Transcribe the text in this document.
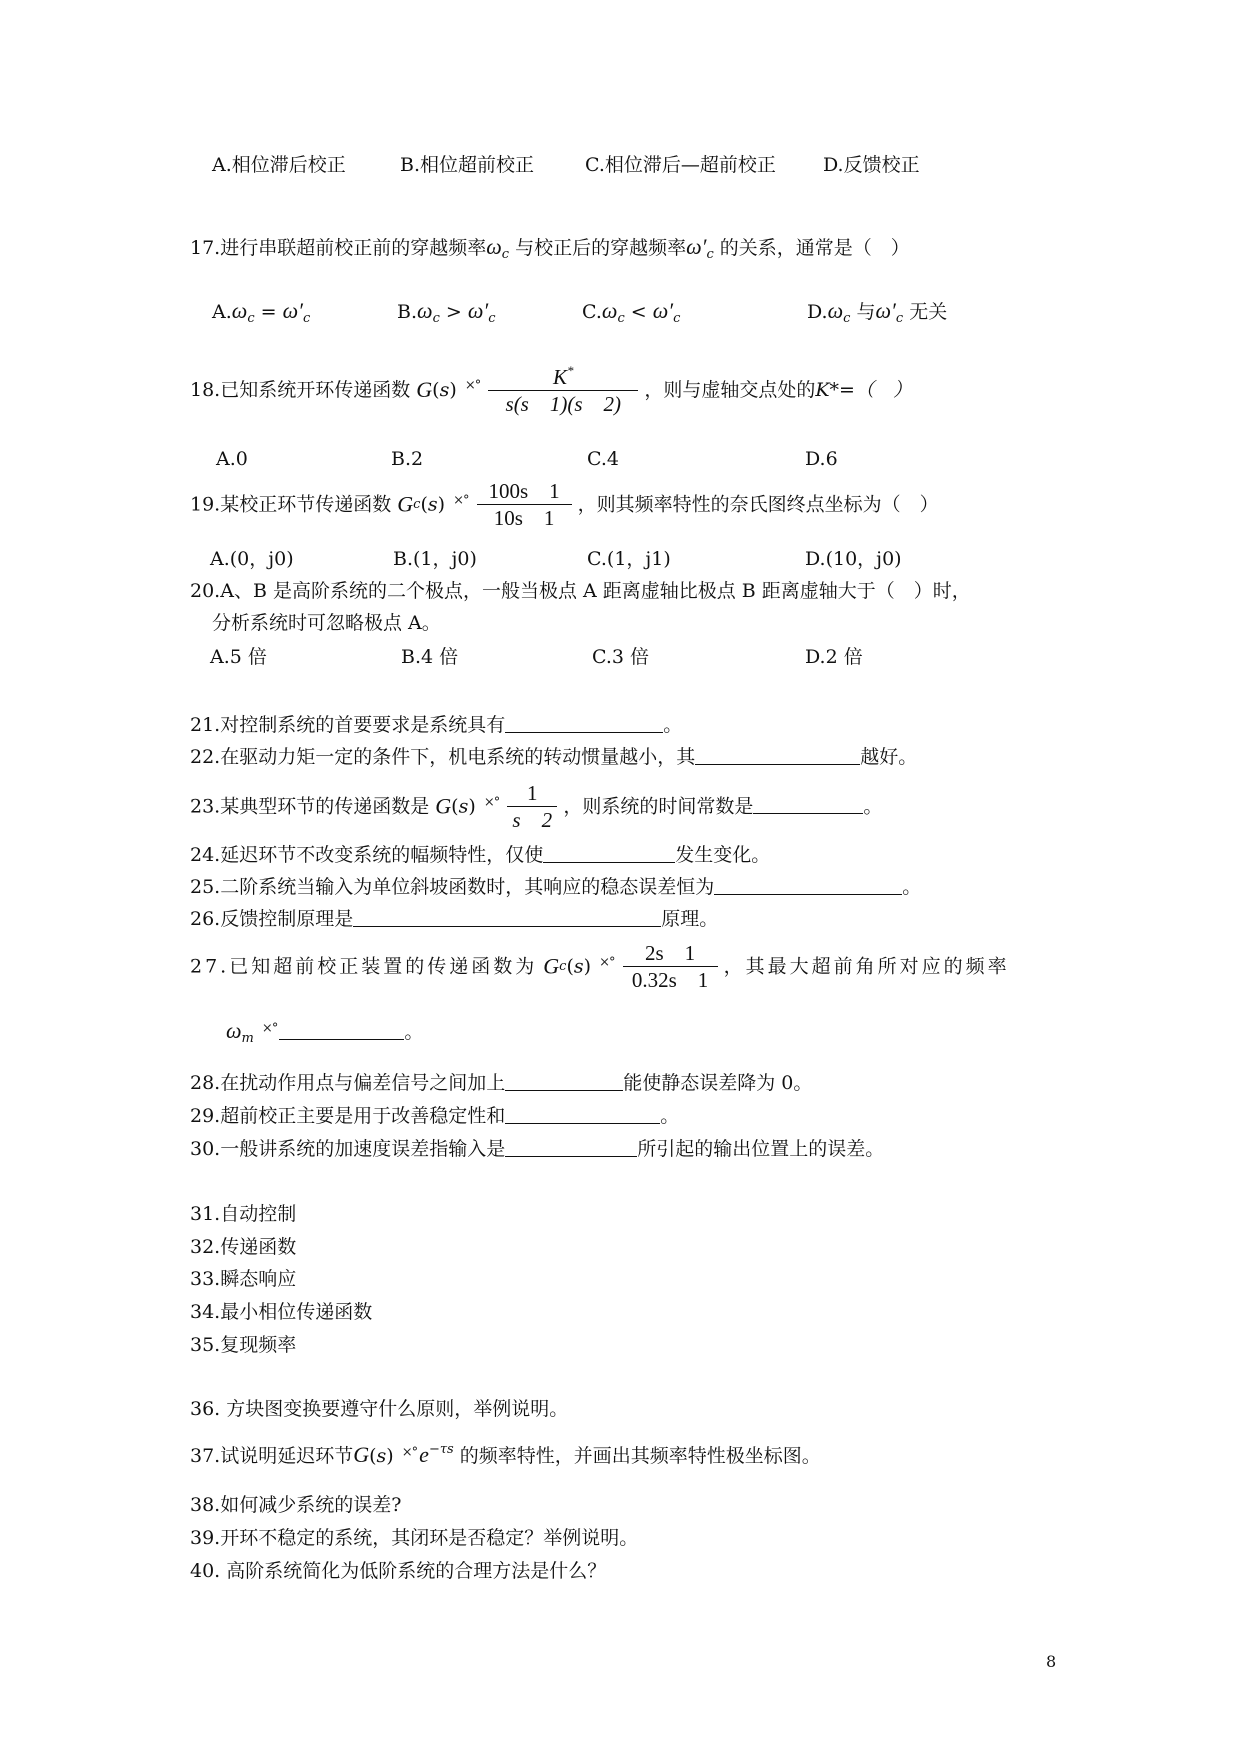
A.相位滞后校正	B.相位超前校正	C.相位滞后—超前校正 D.反馈校正
17.进行串联超前校正前的穿越频率$\omega_c$ 与校正后的穿越频率$\omega'_c$ 的关系，通常是（　）
$A.\omega_c = \omega'_c$	$B.\omega_c > \omega'_c$	$C.\omega_c < \omega'_c$	$D.\omega_c$ 与$\omega'_c$ 无关
18.已知系统开环传递函数 G(s) $^{\times^\circ} \frac{K^*}{s(s 1)(s 2)}$ ，则与虚轴交点处的K*=（　）
A.0	B.2	C.4	D.6
19.某校正环节传递函数 Gc(s) $^{\times^\circ} \frac{100s 1}{10s 1}$ ，则其频率特性的奈氏图终点坐标为（　）
A.(0，j0)	B.(1，j0)	C.(1，j1)	D.(10，j0)
20.A、B 是高阶系统的二个极点，一般当极点 A 距离虚轴比极点 B 距离虚轴大于（　）时，
分析系统时可忽略极点 A。
A.5 倍	B.4 倍	C.3 倍	D.2 倍
21.对控制系统的首要要求是系统具有	。
22.在驱动力矩一定的条件下，机电系统的转动惯量越小，其	越好。
23.某典型环节的传递函数是 G(s) $^{\times^\circ} \frac{1}{s 2}$ ，则系统的时间常数是	。
24.延迟环节不改变系统的幅频特性，仅使	发生变化。
25.二阶系统当输入为单位斜坡函数时，其响应的稳态误差恒为	。
26.反馈控制原理是	原理。
27.已知超前校正装置的传递函数为 Gc(s) $^{\times^\circ} \frac{2s 1}{0.32s 1}$ ，其最大超前角所对应的频率
$\omega_m$ ×°	。
28.在扰动作用点与偏差信号之间加上	能使静态误差降为 0。
29.超前校正主要是用于改善稳定性和	。
30.一般讲系统的加速度误差指输入是	所引起的输出位置上的误差。
31.自动控制
32.传递函数
33.瞬态响应
34.最小相位传递函数
35.复现频率
36. 方块图变换要遵守什么原则，举例说明。
37.试说明延迟环节G(s) $^{\times^\circ}e^{-\tau s}$ 的频率特性，并画出其频率特性极坐标图。
38.如何减少系统的误差?
39.开环不稳定的系统，其闭环是否稳定？举例说明。
40. 高阶系统简化为低阶系统的合理方法是什么？
8
